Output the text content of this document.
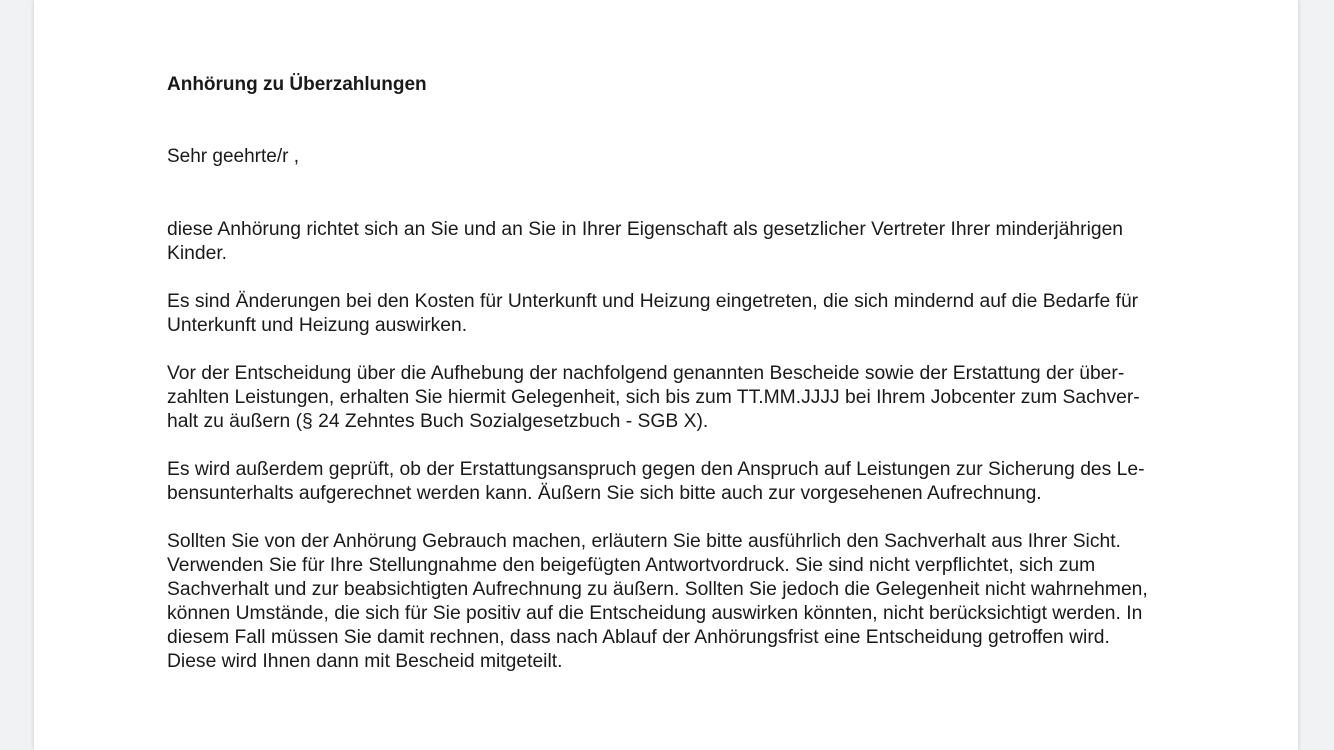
Anhörung zu Überzahlungen
Sehr geehrte/r ,
diese Anhörung richtet sich an Sie und an Sie in Ihrer Eigenschaft als gesetzlicher Vertreter Ihrer minderjährigen
Kinder.
Es sind Änderungen bei den Kosten für Unterkunft und Heizung eingetreten, die sich mindernd auf die Bedarfe für
Unterkunft und Heizung auswirken.
Vor der Entscheidung über die Aufhebung der nachfolgend genannten Bescheide sowie der Erstattung der über-
zahlten Leistungen, erhalten Sie hiermit Gelegenheit, sich bis zum TT.MM.JJJJ bei Ihrem Jobcenter zum Sachver-
halt zu äußern (§ 24 Zehntes Buch Sozialgesetzbuch - SGB X).
Es wird außerdem geprüft, ob der Erstattungsanspruch gegen den Anspruch auf Leistungen zur Sicherung des Le-
bensunterhalts aufgerechnet werden kann. Äußern Sie sich bitte auch zur vorgesehenen Aufrechnung.
Sollten Sie von der Anhörung Gebrauch machen, erläutern Sie bitte ausführlich den Sachverhalt aus Ihrer Sicht.
Verwenden Sie für Ihre Stellungnahme den beigefügten Antwortvordruck. Sie sind nicht verpflichtet, sich zum
Sachverhalt und zur beabsichtigten Aufrechnung zu äußern. Sollten Sie jedoch die Gelegenheit nicht wahrnehmen,
können Umstände, die sich für Sie positiv auf die Entscheidung auswirken könnten, nicht berücksichtigt werden. In
diesem Fall müssen Sie damit rechnen, dass nach Ablauf der Anhörungsfrist eine Entscheidung getroffen wird.
Diese wird Ihnen dann mit Bescheid mitgeteilt.
